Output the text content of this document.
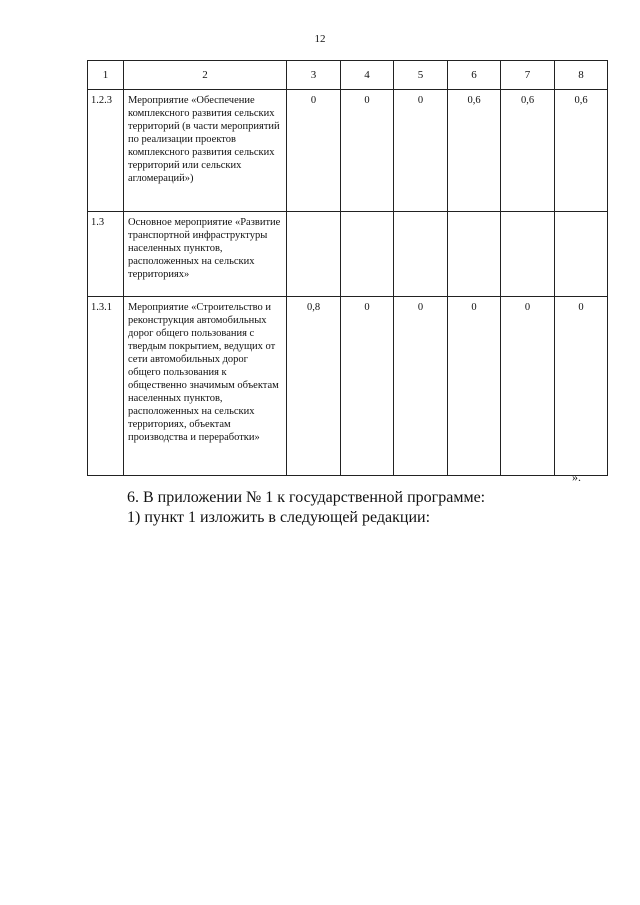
12
1	2	3	4	5	6	7	8
1.2.3	Мероприятие «Обеспечение комплексного развития сельских территорий (в части мероприятий по реализации проектов комплексного развития сельских территорий или сельских агломераций»)	0	0	0	0,6	0,6	0,6
1.3	Основное мероприятие «Развитие транспортной инфраструктуры населенных пунктов, расположенных на сельских территориях»						
1.3.1	Мероприятие «Строительство и реконструкция автомобильных дорог общего пользования с твердым покрытием, ведущих от сети автомобильных дорог общего пользования к общественно значимым объектам населенных пунктов, расположенных на сельских территориях, объектам производства и переработки»	0,8	0	0	0	0	0
».
6. В приложении № 1 к государственной программе:
1) пункт 1 изложить в следующей редакции:
